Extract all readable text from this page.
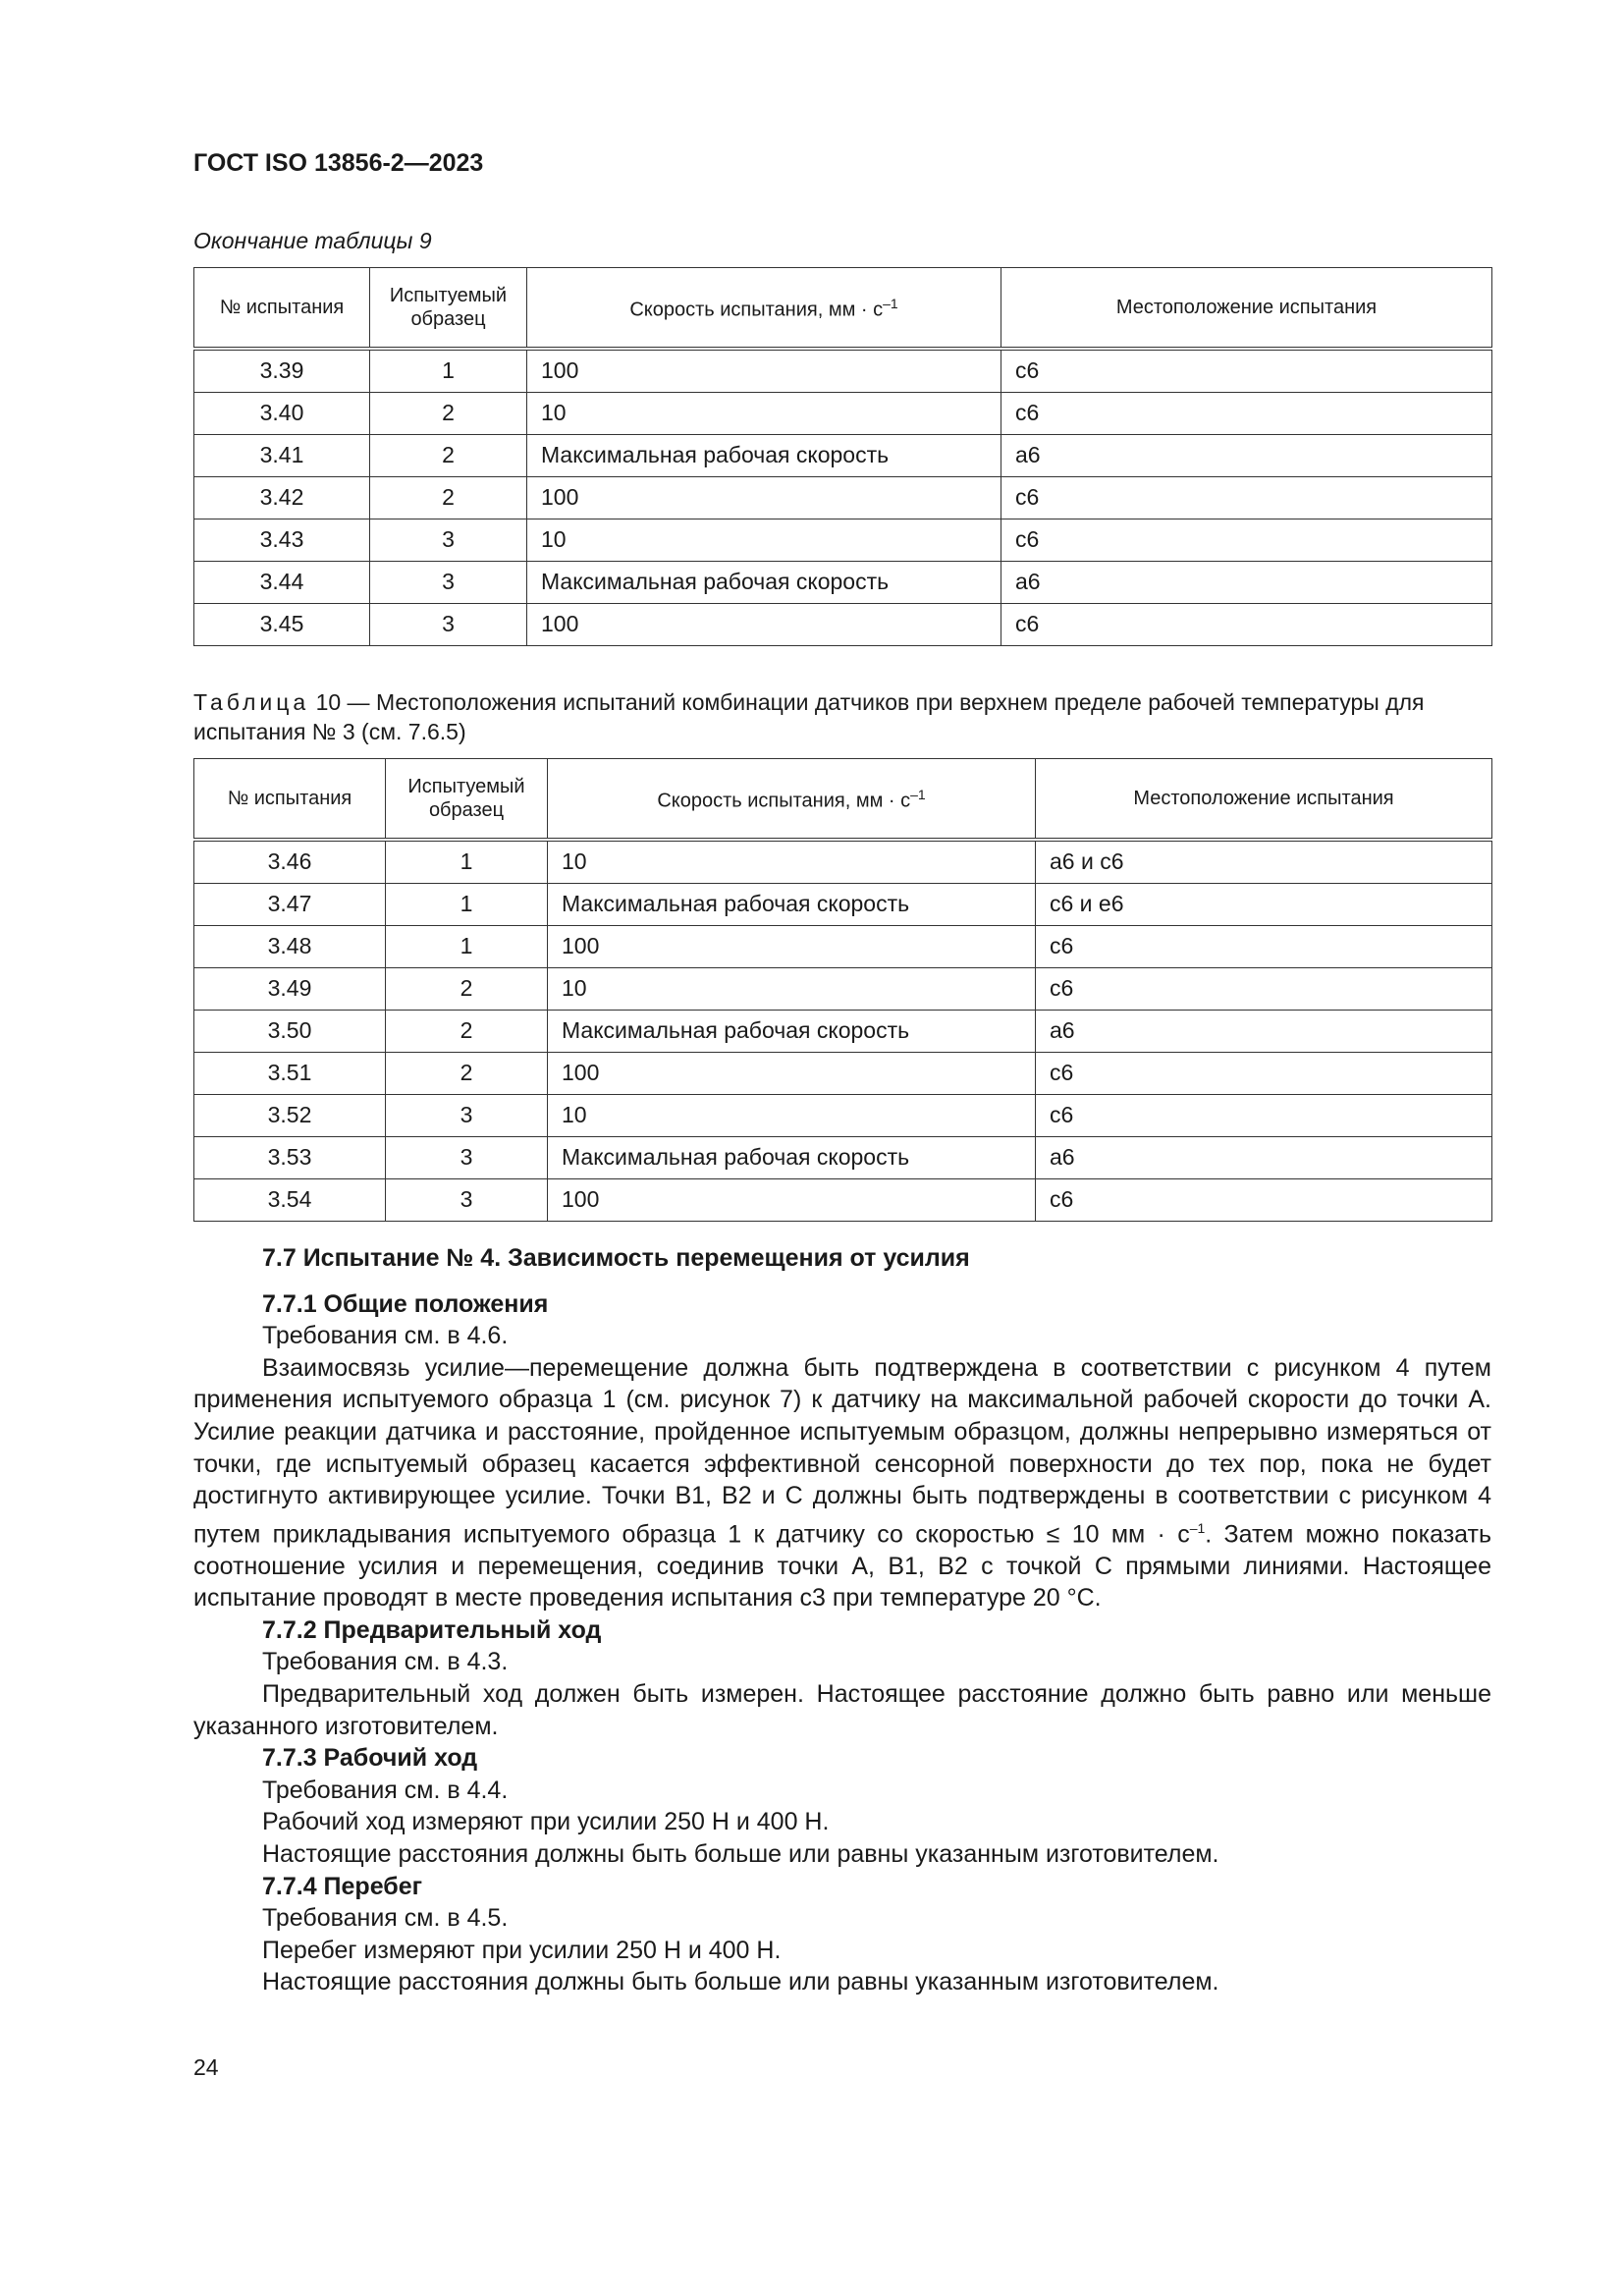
ГОСТ ISO 13856-2—2023
Окончание таблицы 9
№ испытания	Испытуемый образец	Скорость испытания, мм · $с^{-1}$	Местоположение испытания
3.39	1	100	c6
3.40	2	10	c6
3.41	2	Максимальная рабочая скорость	a6
3.42	2	100	c6
3.43	3	10	c6
3.44	3	Максимальная рабочая скорость	a6
3.45	3	100	c6
Таблица 10 — Местоположения испытаний комбинации датчиков при верхнем пределе рабочей температуры для испытания № 3 (см. 7.6.5)
№ испытания	Испытуемый образец	Скорость испытания, мм · $с^{-1}$	Местоположение испытания
3.46	1	10	a6 и c6
3.47	1	Максимальная рабочая скорость	c6 и e6
3.48	1	100	c6
3.49	2	10	c6
3.50	2	Максимальная рабочая скорость	a6
3.51	2	100	c6
3.52	3	10	c6
3.53	3	Максимальная рабочая скорость	a6
3.54	3	100	c6

7.7 Испытание № 4. Зависимость перемещения от усилия

7.7.1 Общие положения

Требования см. в 4.6.

Взаимосвязь усилие—перемещение должна быть подтверждена в соответствии с рисунком 4 путем применения испытуемого образца 1 (см. рисунок 7) к датчику на максимальной рабочей скорости до точки А. Усилие реакции датчика и расстояние, пройденное испытуемым образцом, должны непрерывно измеряться от точки, где испытуемый образец касается эффективной сенсорной поверхности до тех пор, пока не будет достигнуто активирующее усилие. Точки В1, В2 и С должны быть подтверждены в соответствии с рисунком 4 путем прикладывания испытуемого образца 1 к датчику со скоростью ≤ 10 мм · $с^{-1}$. Затем можно показать соотношение усилия и перемещения, соединив точки А, В1, В2 с точкой С прямыми линиями. Настоящее испытание проводят в месте проведения испытания c3 при температуре 20 °С.

7.7.2 Предварительный ход

Требования см. в 4.3.

Предварительный ход должен быть измерен. Настоящее расстояние должно быть равно или меньше указанного изготовителем.

7.7.3 Рабочий ход

Требования см. в 4.4.

Рабочий ход измеряют при усилии 250 Н и 400 Н.

Настоящие расстояния должны быть больше или равны указанным изготовителем.

7.7.4 Перебег

Требования см. в 4.5.

Перебег измеряют при усилии 250 Н и 400 Н.

Настоящие расстояния должны быть больше или равны указанным изготовителем.

24
